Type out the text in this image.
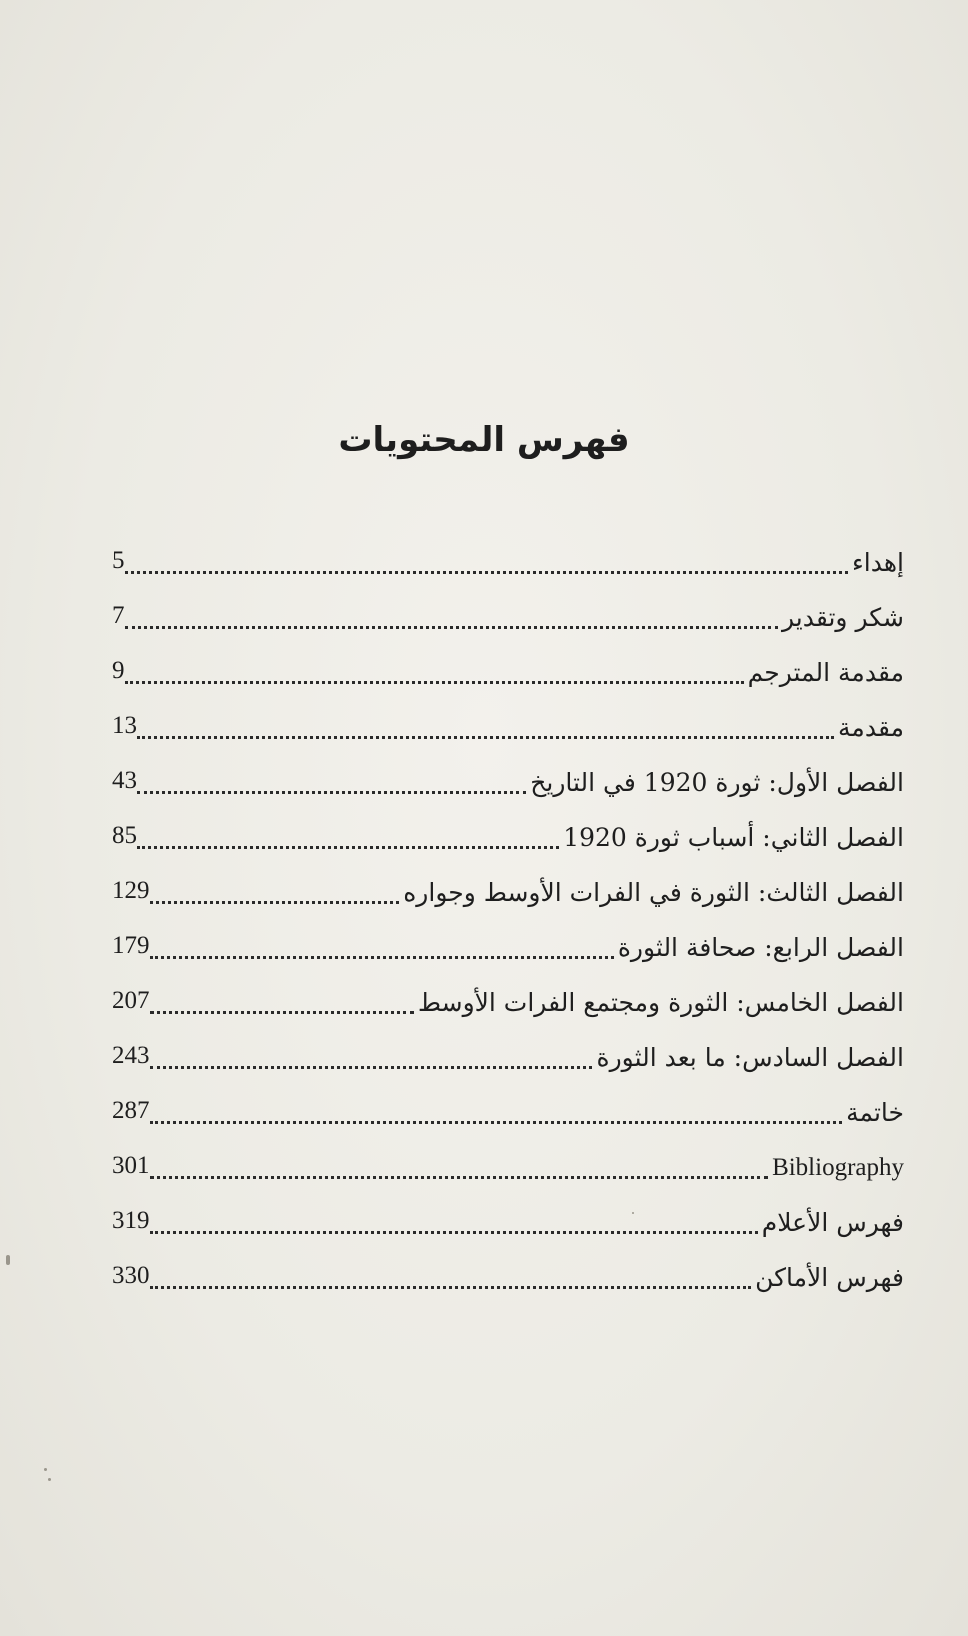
فهرس المحتويات
5	إهداء
7	شكر وتقدير
9	مقدمة المترجم
13	مقدمة
43	الفصل الأول: ثورة 1920 في التاريخ
85	الفصل الثاني: أسباب ثورة 1920
129	الفصل الثالث: الثورة في الفرات الأوسط وجواره
179	الفصل الرابع: صحافة الثورة
207	الفصل الخامس: الثورة ومجتمع الفرات الأوسط
243	الفصل السادس: ما بعد الثورة
287	خاتمة
301	Bibliography
319	فهرس الأعلام
330	فهرس الأماكن
